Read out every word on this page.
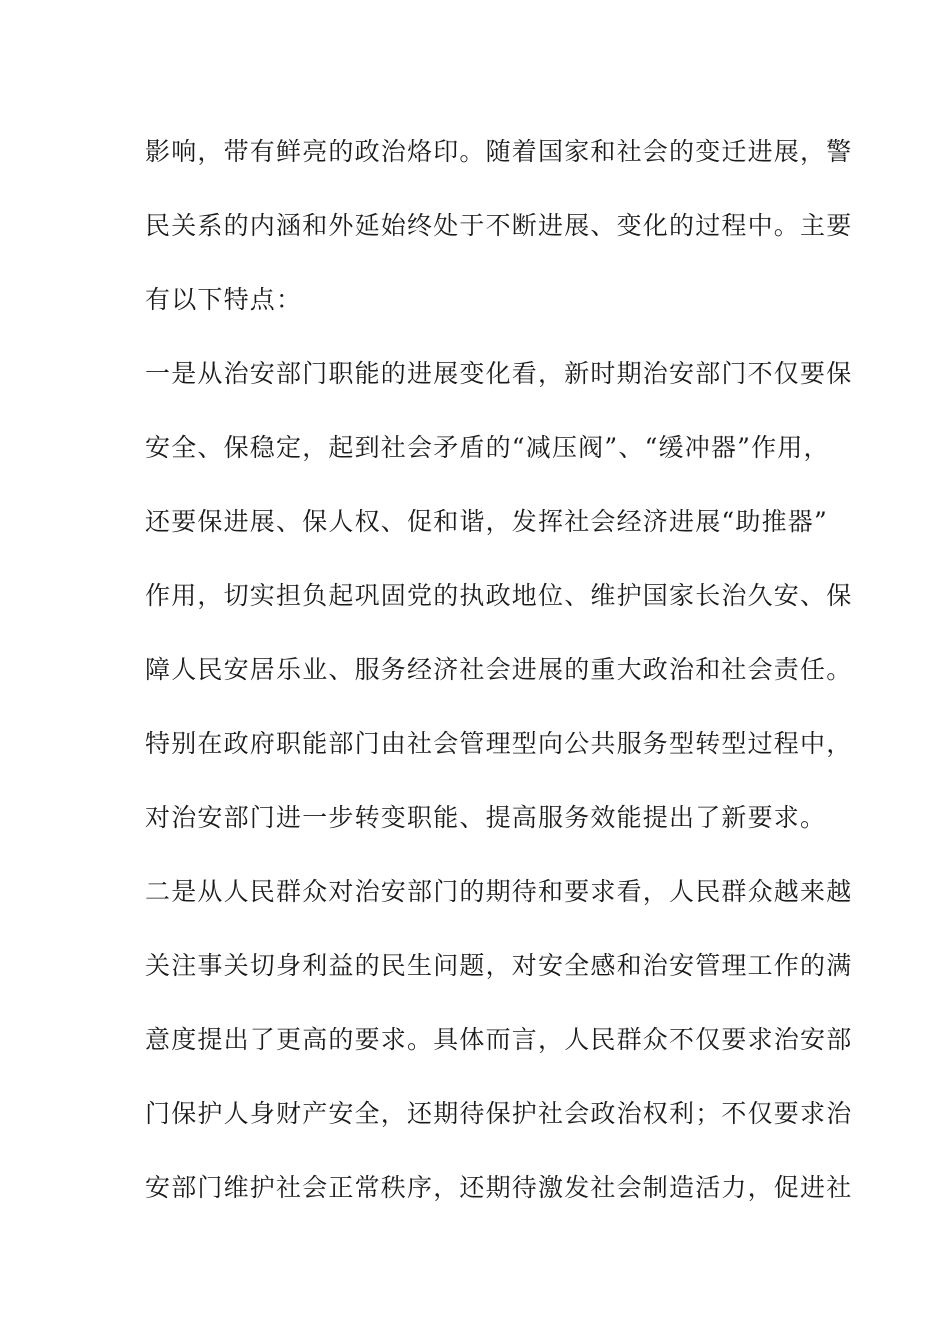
影响，带有鲜亮的政治烙印。随着国家和社会的变迁进展，警
民关系的内涵和外延始终处于不断进展、变化的过程中。主要
有以下特点：
一是从治安部门职能的进展变化看，新时期治安部门不仅要保
安全、保稳定，起到社会矛盾的“减压阀”、“缓冲器”作用，
还要保进展、保人权、促和谐，发挥社会经济进展“助推器”
作用，切实担负起巩固党的执政地位、维护国家长治久安、保
障人民安居乐业、服务经济社会进展的重大政治和社会责任。
特别在政府职能部门由社会管理型向公共服务型转型过程中，
对治安部门进一步转变职能、提高服务效能提出了新要求。
二是从人民群众对治安部门的期待和要求看，人民群众越来越
关注事关切身利益的民生问题，对安全感和治安管理工作的满
意度提出了更高的要求。具体而言，人民群众不仅要求治安部
门保护人身财产安全，还期待保护社会政治权利；不仅要求治
安部门维护社会正常秩序，还期待激发社会制造活力，促进社
